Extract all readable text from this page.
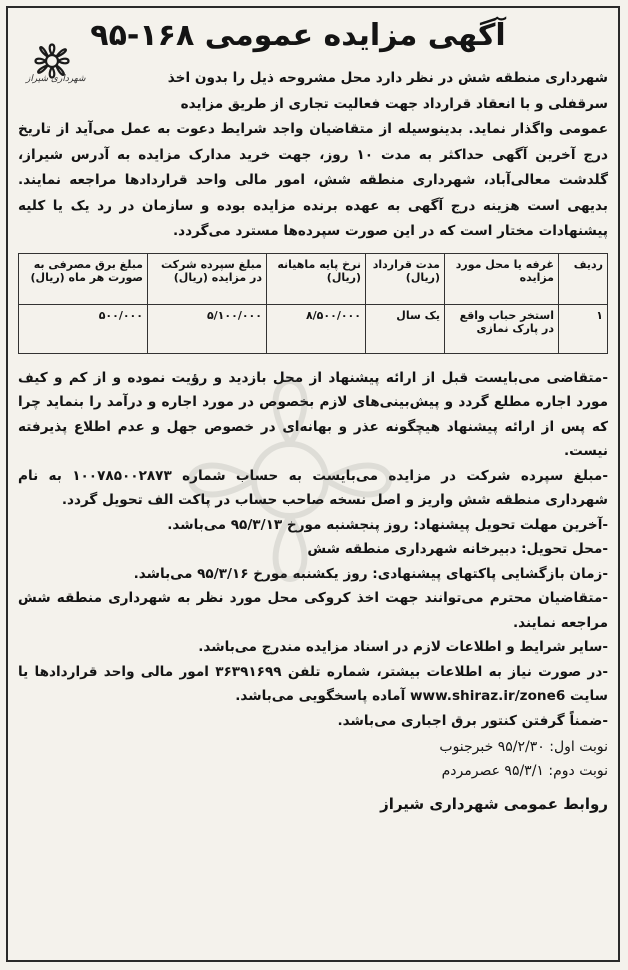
آگهی مزایده عمومی ۱۶۸-۹۵
شهرداری شیراز	شهرداری منطقه شش در نظر دارد محل مشروحه ذیل را بدون اخذ
سرقفلی و با انعقاد قرارداد جهت فعالیت تجاری از طریق مزایده
عمومی واگذار نماید. بدینوسیله از متقاضیان واجد شرایط دعوت به عمل می‌آید از تاریخ درج آخرین آگهی حداکثر به مدت ۱۰ روز، جهت خرید مدارک مزایده به آدرس شیراز، گلدشت معالی‌آباد، شهرداری منطقه شش، امور مالی واحد قراردادها مراجعه نمایند. بدیهی است هزینه درج آگهی به عهده برنده مزایده بوده و سازمان در رد یک یا کلیه پیشنهادات مختار است که در این صورت سپرده‌ها مسترد می‌گردد.
ردیف	غرفه یا محل مورد مزایده	مدت قرارداد (ریال)	نرخ پایه ماهیانه (ریال)	مبلغ سپرده شرکت در مزایده (ریال)	مبلغ برق مصرفی به صورت هر ماه (ریال)
۱	استخر حباب واقع در پارک نمازی	یک سال	۸/۵۰۰/۰۰۰	۵/۱۰۰/۰۰۰	۵۰۰/۰۰۰

-متقاضی می‌بایست قبل از ارائه پیشنهاد از محل بازدید و رؤیت نموده و از کم و کیف مورد اجاره مطلع گردد و پیش‌بینی‌های لازم بخصوص در مورد اجاره و درآمد را بنماید چرا که پس از ارائه پیشنهاد هیچگونه عذر و بهانه‌ای در خصوص جهل و عدم اطلاع پذیرفته نیست.

-مبلغ سپرده شرکت در مزایده می‌بایست به حساب شماره ۱۰۰۷۸۵۰۰۲۸۷۳ به نام شهرداری منطقه شش واریز و اصل نسخه صاحب حساب در پاکت الف تحویل گردد.

-آخرین مهلت تحویل پیشنهاد: روز پنجشنبه مورخ ۹۵/۳/۱۳ می‌باشد.

-محل تحویل: دبیرخانه شهرداری منطقه شش

-زمان بازگشایی پاکتهای پیشنهادی: روز یکشنبه مورخ ۹۵/۳/۱۶ می‌باشد.

-متقاضیان محترم می‌توانند جهت اخذ کروکی محل مورد نظر به شهرداری منطقه شش مراجعه نمایند.

-سایر شرایط و اطلاعات لازم در اسناد مزایده مندرج می‌باشد.

-در صورت نیاز به اطلاعات بیشتر، شماره تلفن ۳۶۳۹۱۶۹۹ امور مالی واحد قراردادها یا سایت www.shiraz.ir/zone6 آماده پاسخگویی می‌باشد.

-ضمناً گرفتن کنتور برق اجباری می‌باشد.

نوبت اول: ۹۵/۲/۳۰ خبرجنوب
نوبت دوم: ۹۵/۳/۱ عصرمردم
روابط عمومی شهرداری شیراز
